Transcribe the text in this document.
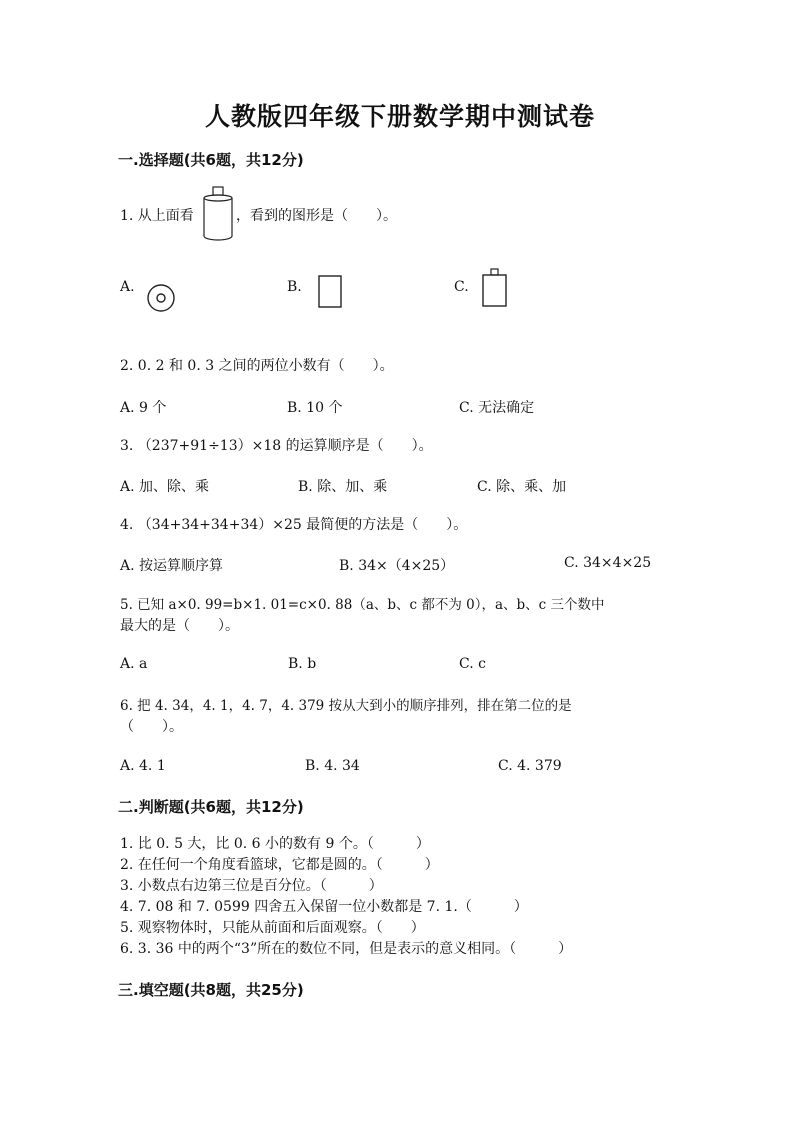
人教版四年级下册数学期中测试卷
一.选择题(共6题，共12分)
1. 从上面看	，看到的图形是（　　）。
A.	B.	C.
2. 0. 2 和 0. 3 之间的两位小数有（　　）。
A. 9 个	B. 10 个	C. 无法确定
3. （237+91÷13）×18 的运算顺序是（　　）。
A. 加、除、乘	B. 除、加、乘	C. 除、乘、加
4. （34+34+34+34）×25 最简便的方法是（　　）。
A. 按运算顺序算	B. 34×（4×25）	C. 34×4×25
5. 已知 a×0. 99=b×1. 01=c×0. 88（a、b、c 都不为 0），a、b、c 三个数中
最大的是（　　）。
A. a	B. b	C. c
6. 把 4. 34，4. 1，4. 7，4. 379 按从大到小的顺序排列，排在第二位的是
（　　）。
A. 4. 1	B. 4. 34	C. 4. 379
二.判断题(共6题，共12分)
1. 比 0. 5 大，比 0. 6 小的数有 9 个。（　　　）
2. 在任何一个角度看篮球，它都是圆的。（　　　）
3. 小数点右边第三位是百分位。（　　　）
4. 7. 08 和 7. 0599 四舍五入保留一位小数都是 7. 1.（　　　）
5. 观察物体时，只能从前面和后面观察。（　　）
6. 3. 36 中的两个“3”所在的数位不同，但是表示的意义相同。（　　　）
三.填空题(共8题，共25分)
